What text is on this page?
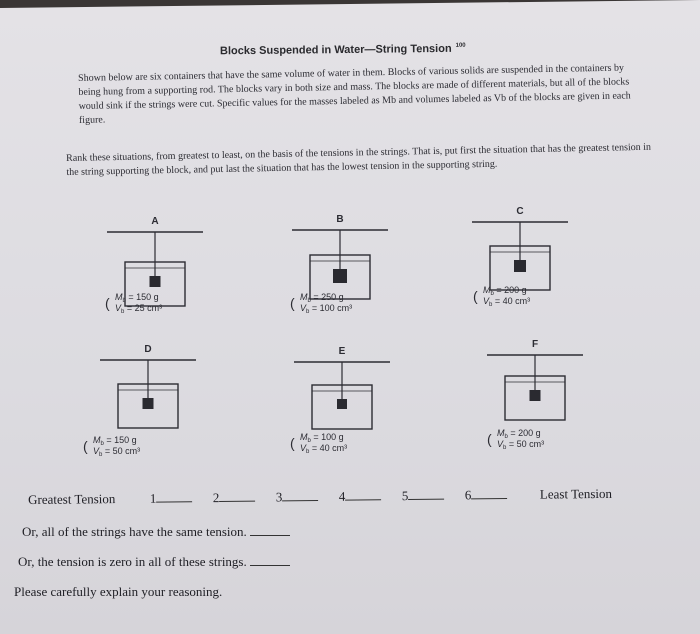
Blocks Suspended in Water—String Tension $^{100}$
Shown below are six containers that have the same volume of water in them. Blocks of various solids are suspended in the containers by being hung from a supporting rod. The blocks vary in both size and mass. The blocks are made of different materials, but all of the blocks would sink if the strings were cut. Specific values for the masses labeled as Mb and volumes labeled as Vb of the blocks are given in each figure.
Rank these situations, from greatest to least, on the basis of the tensions in the strings. That is, put first the situation that has the greatest tension in the string supporting the block, and put last the situation that has the lowest tension in the supporting string.
A
$M_b = 150$ g
$V_b = 25$ cm³
(
B
$M_b = 250$ g
$V_b = 100$ cm³
(
C
$M_b = 200$ g
$V_b = 40$ cm³
(
D
$M_b = 150$ g
$V_b = 50$ cm³
(
E
$M_b = 100$ g
$V_b = 40$ cm³
(
F
$M_b = 200$ g
$V_b = 50$ cm³
(
Greatest Tension	1	2	3	4	5	6	Least Tension
Or, all of the strings have the same tension.
Or, the tension is zero in all of these strings.
Please carefully explain your reasoning.
